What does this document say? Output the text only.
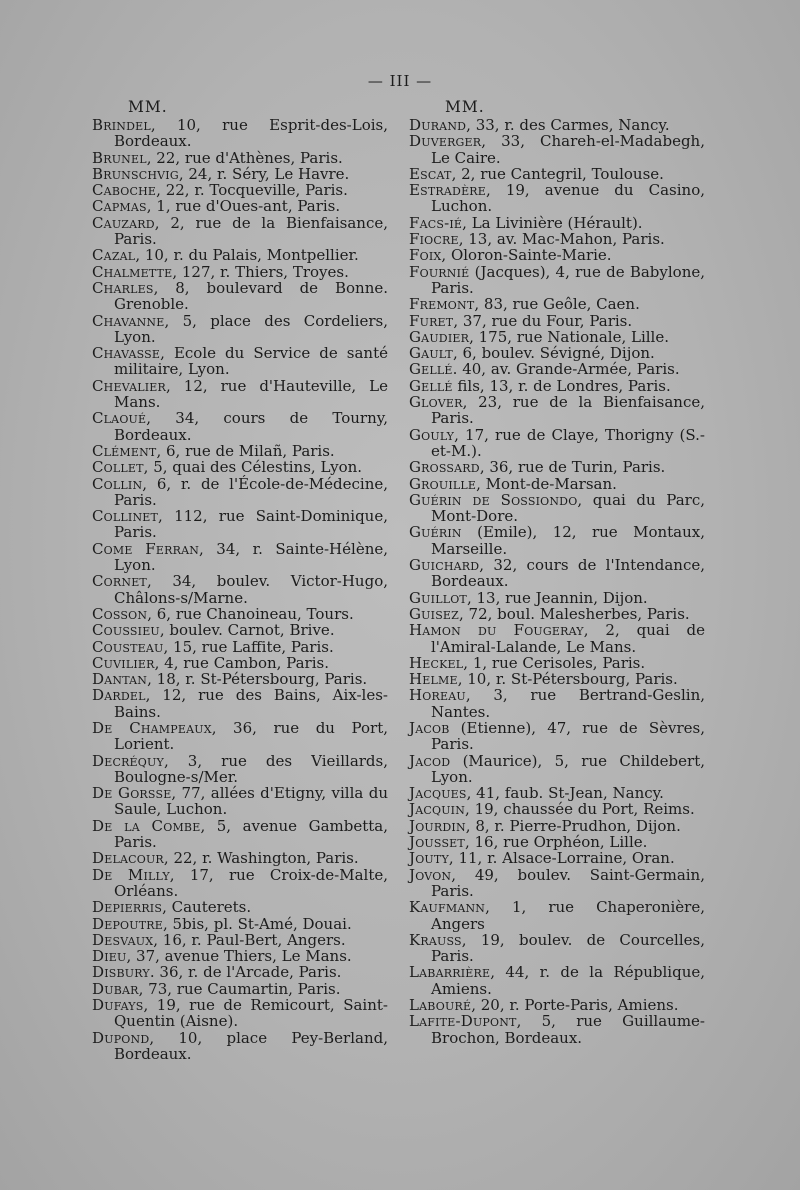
— III —
MM.
Brindel, 10, rue Esprit-des-Lois, Bordeaux.
Brunel, 22, rue d'Athènes, Paris.
Brunschvig, 24, r. Séry, Le Havre.
Caboche, 22, r. Tocqueville, Paris.
Capmas, 1, rue d'Oues-ant, Paris.
Cauzard, 2, rue de la Bienfaisance, Paris.
Cazal, 10, r. du Palais, Montpellier.
Chalmette, 127, r. Thiers, Troyes.
Charles, 8, boulevard de Bonne. Grenoble.
Chavanne, 5, place des Cordeliers, Lyon.
Chavasse, Ecole du Service de santé militaire, Lyon.
Chevalier, 12, rue d'Hauteville, Le Mans.
Claoué, 34, cours de Tourny, Bordeaux.
Clément, 6, rue de Milañ, Paris.
Collet, 5, quai des Célestins, Lyon.
Collin, 6, r. de l'École-de-Médecine, Paris.
Collinet, 112, rue Saint-Dominique, Paris.
Come Ferran, 34, r. Sainte-Hélène, Lyon.
Cornet, 34, boulev. Victor-Hugo, Châlons-s/Marne.
Cosson, 6, rue Chanoineau, Tours.
Coussieu, boulev. Carnot, Brive.
Cousteau, 15, rue Laffite, Paris.
Cuvilier, 4, rue Cambon, Paris.
Dantan, 18, r. St-Pétersbourg, Paris.
Dardel, 12, rue des Bains, Aix-les-Bains.
De Champeaux, 36, rue du Port, Lorient.
Decréquy, 3, rue des Vieillards, Boulogne-s/Mer.
De Gorsse, 77, allées d'Etigny, villa du Saule, Luchon.
De la Combe, 5, avenue Gambetta, Paris.
Delacour, 22, r. Washington, Paris.
De Milly, 17, rue Croix-de-Malte, Orléans.
Depierris, Cauterets.
Depoutre, 5bis, pl. St-Amé, Douai.
Desvaux, 16, r. Paul-Bert, Angers.
Dieu, 37, avenue Thiers, Le Mans.
Disbury. 36, r. de l'Arcade, Paris.
Dubar, 73, rue Caumartin, Paris.
Dufays, 19, rue de Remicourt, Saint-Quentin (Aisne).
Dupond, 10, place Pey-Berland, Bordeaux.
MM.
Durand, 33, r. des Carmes, Nancy.
Duverger, 33, Chareh-el-Madabegh, Le Caire.
Escat, 2, rue Cantegril, Toulouse.
Estradère, 19, avenue du Casino, Luchon.
Facs-ié, La Livinière (Hérault).
Fiocre, 13, av. Mac-Mahon, Paris.
Foix, Oloron-Sainte-Marie.
Fournié (Jacques), 4, rue de Babylone, Paris.
Fremont, 83, rue Geôle, Caen.
Furet, 37, rue du Four, Paris.
Gaudier, 175, rue Nationale, Lille.
Gault, 6, boulev. Sévigné, Dijon.
Gellé. 40, av. Grande-Armée, Paris.
Gellé fils, 13, r. de Londres, Paris.
Glover, 23, rue de la Bienfaisance, Paris.
Gouly, 17, rue de Claye, Thorigny (S.-et-M.).
Grossard, 36, rue de Turin, Paris.
Grouille, Mont-de-Marsan.
Guérin de Sossiondo, quai du Parc, Mont-Dore.
Guérin (Emile), 12, rue Montaux, Marseille.
Guichard, 32, cours de l'Intendance, Bordeaux.
Guillot, 13, rue Jeannin, Dijon.
Guisez, 72, boul. Malesherbes, Paris.
Hamon du Fougeray, 2, quai de l'Amiral-Lalande, Le Mans.
Heckel, 1, rue Cerisoles, Paris.
Helme, 10, r. St-Pétersbourg, Paris.
Horeau, 3, rue Bertrand-Geslin, Nantes.
Jacob (Etienne), 47, rue de Sèvres, Paris.
Jacod (Maurice), 5, rue Childebert, Lyon.
Jacques, 41, faub. St-Jean, Nancy.
Jacquin, 19, chaussée du Port, Reims.
Jourdin, 8, r. Pierre-Prudhon, Dijon.
Jousset, 16, rue Orphéon, Lille.
Jouty, 11, r. Alsace-Lorraine, Oran.
Jovon, 49, boulev. Saint-Germain, Paris.
Kaufmann, 1, rue Chaperonière, Angers
Krauss, 19, boulev. de Courcelles, Paris.
Labarrière, 44, r. de la République, Amiens.
Labouré, 20, r. Porte-Paris, Amiens.
Lafite-Dupont, 5, rue Guillaume-Brochon, Bordeaux.
